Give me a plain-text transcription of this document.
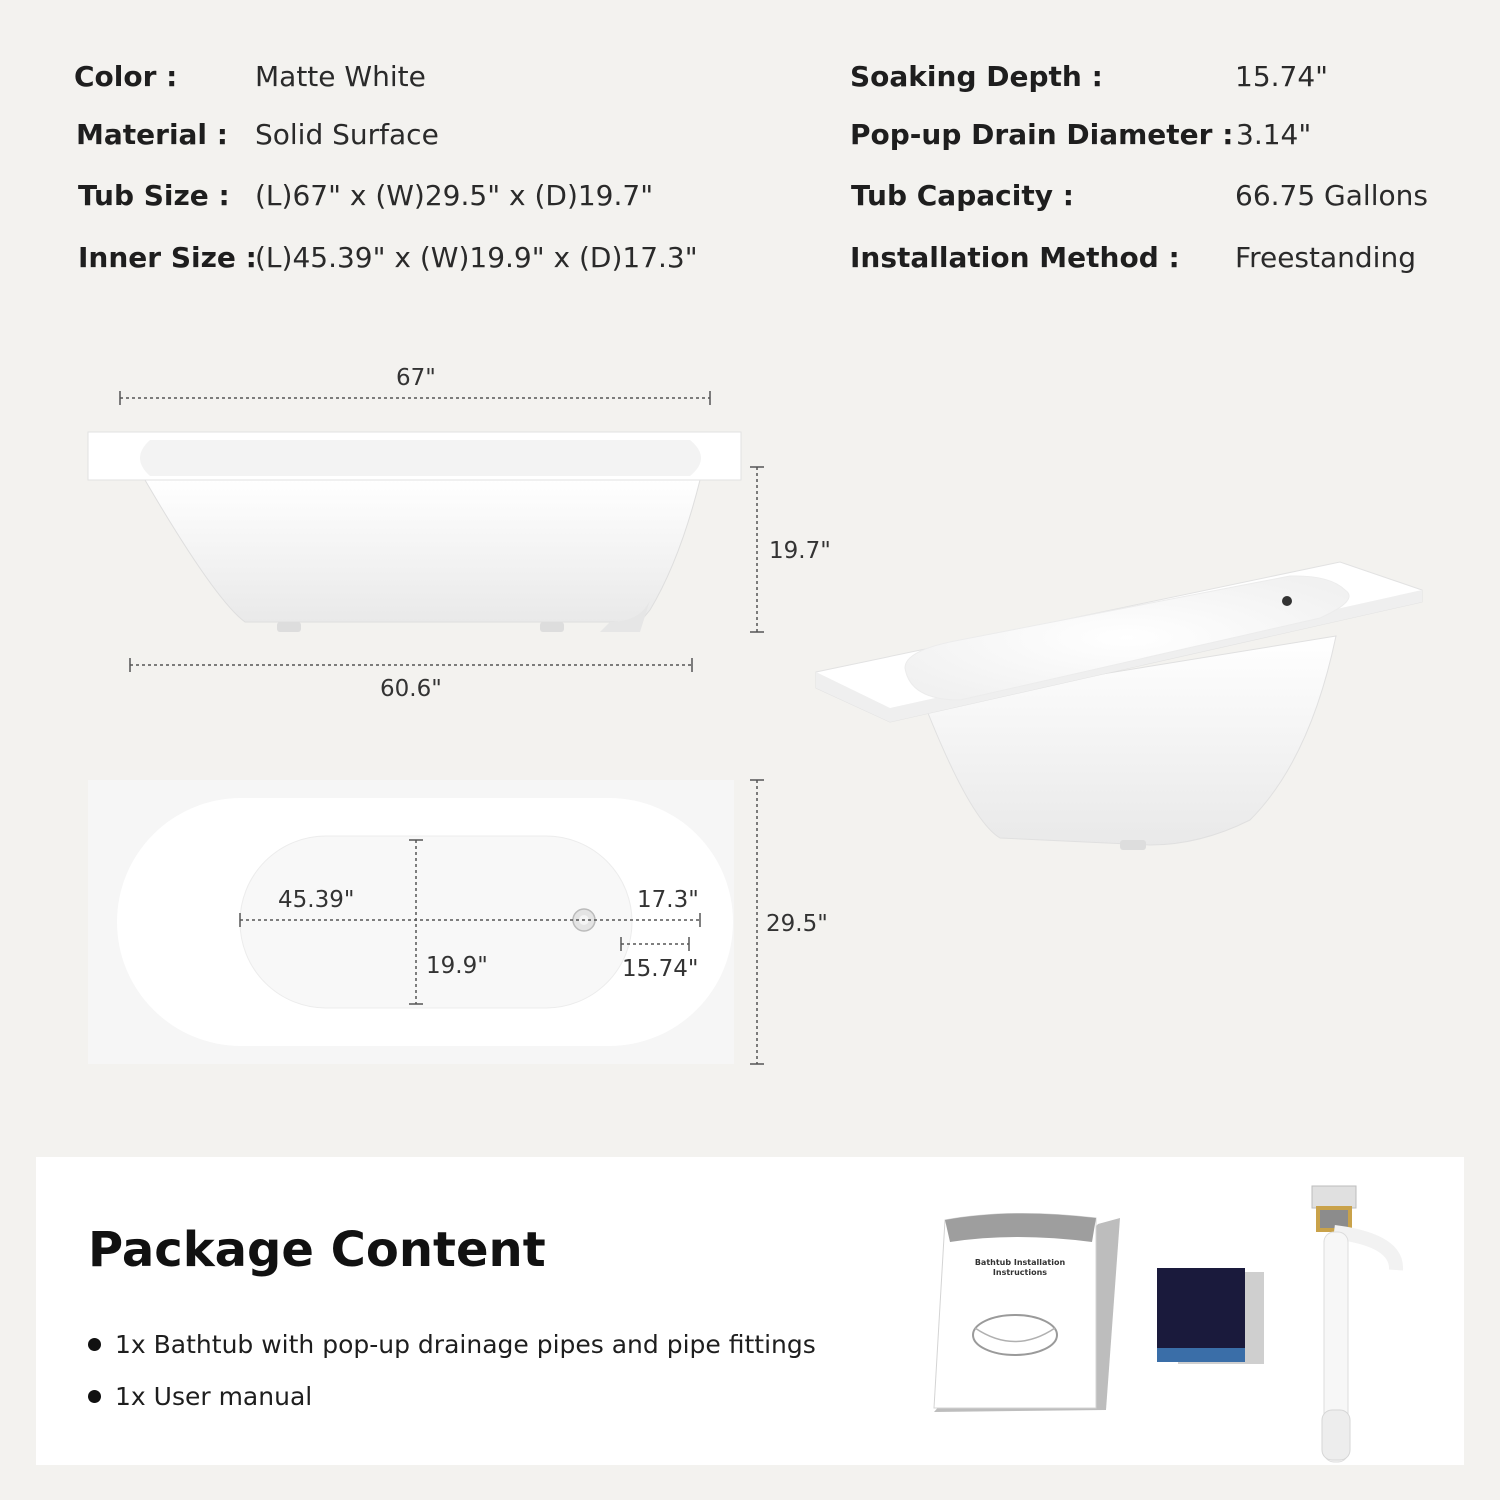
Color :	Matte White
Material : Solid Surface
Tub Size : (L)67" x (W)29.5" x (D)19.7"
Inner Size :
(L)45.39" x (W)19.9" x (D)17.3"
Soaking Depth :	15.74"
Pop-up Drain Diameter : 3.14"
Tub Capacity :	66.75 Gallons
Installation Method : Freestanding
67"
19.7"
60.6"
29.5"
45.39"
19.9"
17.3"
15.74"
Package Content
1x Bathtub with pop-up drainage pipes and pipe fittings
1x User manual
Bathtub Installation Instructions
